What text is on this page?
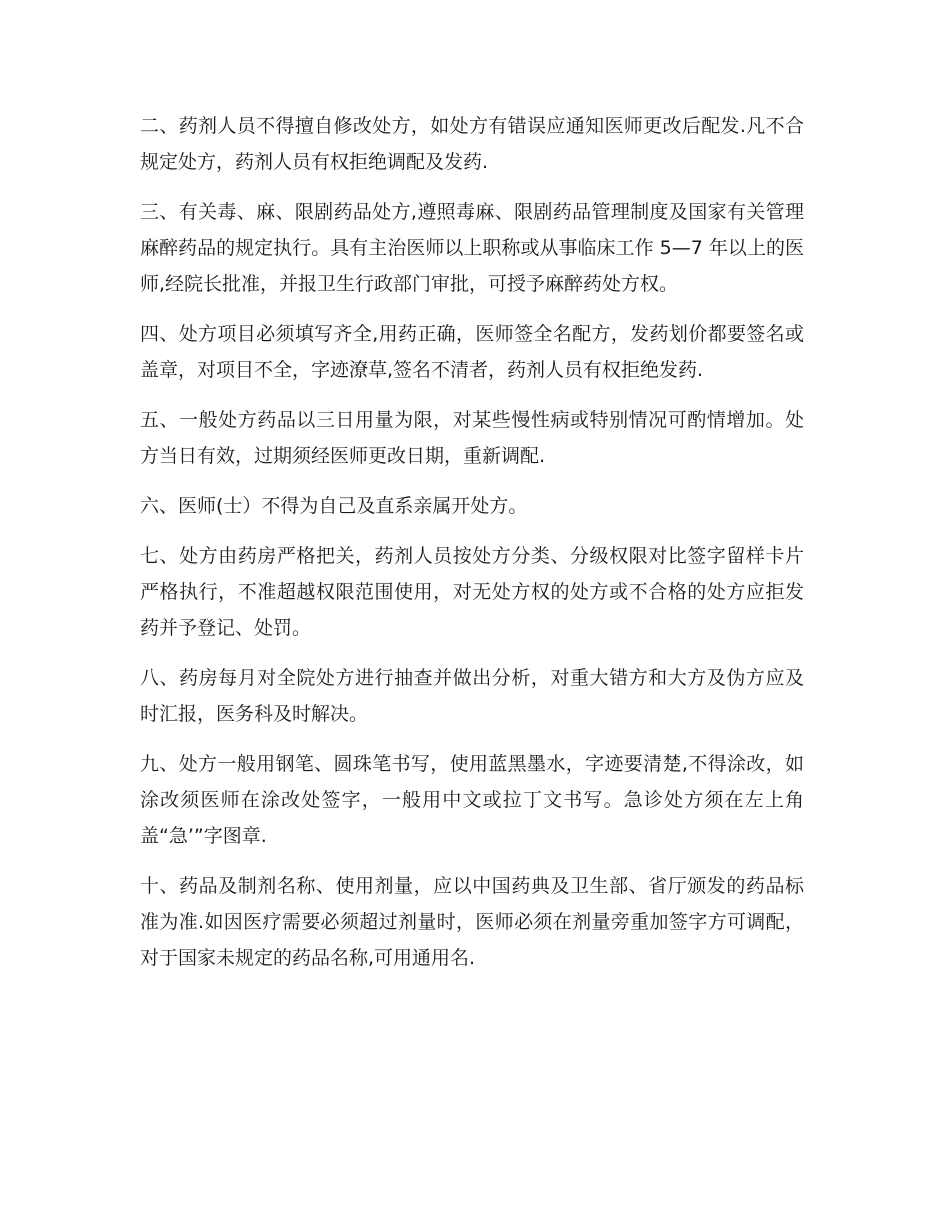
二、药剂人员不得擅自修改处方，如处方有错误应通知医师更改后配发.凡不合规定处方，药剂人员有权拒绝调配及发药.

三、有关毒、麻、限剧药品处方,遵照毒麻、限剧药品管理制度及国家有关管理麻醉药品的规定执行。具有主治医师以上职称或从事临床工作 5—7 年以上的医师,经院长批准，并报卫生行政部门审批，可授予麻醉药处方权。

四、处方项目必须填写齐全,用药正确，医师签全名配方，发药划价都要签名或盖章，对项目不全，字迹潦草,签名不清者，药剂人员有权拒绝发药.

五、一般处方药品以三日用量为限，对某些慢性病或特别情况可酌情增加。处方当日有效，过期须经医师更改日期，重新调配.

六、医师(士）不得为自己及直系亲属开处方。

七、处方由药房严格把关，药剂人员按处方分类、分级权限对比签字留样卡片严格执行，不准超越权限范围使用，对无处方权的处方或不合格的处方应拒发药并予登记、处罚。

八、药房每月对全院处方进行抽查并做出分析，对重大错方和大方及伪方应及时汇报，医务科及时解决。

九、处方一般用钢笔、圆珠笔书写，使用蓝黑墨水，字迹要清楚,不得涂改，如涂改须医师在涂改处签字，一般用中文或拉丁文书写。急诊处方须在左上角盖“急’”字图章.

十、药品及制剂名称、使用剂量，应以中国药典及卫生部、省厅颁发的药品标准为准.如因医疗需要必须超过剂量时，医师必须在剂量旁重加签字方可调配，对于国家未规定的药品名称,可用通用名.
